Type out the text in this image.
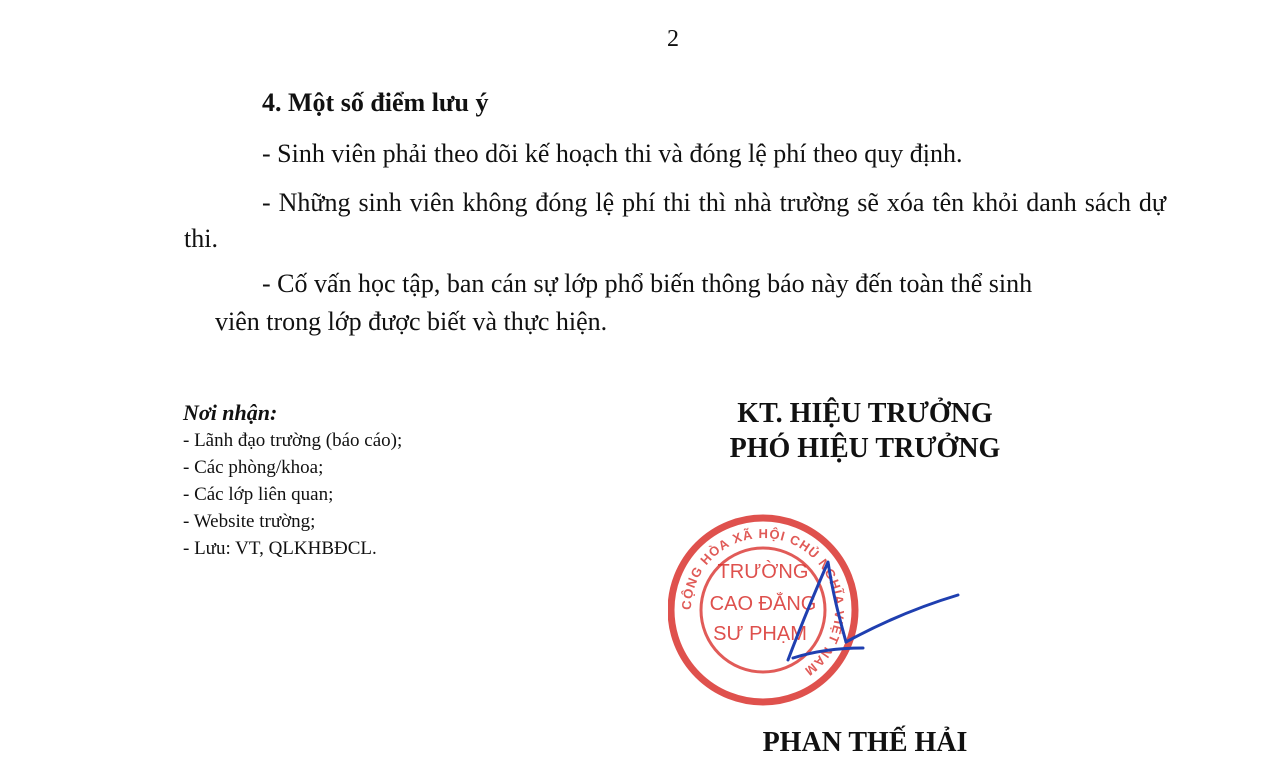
2
4. Một số điểm lưu ý
- Sinh viên phải theo dõi kế hoạch thi và đóng lệ phí theo quy định.
- Những sinh viên không đóng lệ phí thi thì nhà trường sẽ xóa tên khỏi danh sách dự thi.
- Cố vấn học tập, ban cán sự lớp phổ biến thông báo này đến toàn thể sinh
viên trong lớp được biết và thực hiện.
Nơi nhận:
- Lãnh đạo trường (báo cáo);
- Các phòng/khoa;
- Các lớp liên quan;
- Website trường;
- Lưu: VT, QLKHBĐCL.
KT. HIỆU TRƯỞNG
PHÓ HIỆU TRƯỞNG
CỘNG HÒA XÃ HỘI CHỦ NGHĨA VIỆT NAM
TRƯỜNG
CAO ĐẲNG
SƯ PHẠM
PHAN THẾ HẢI
